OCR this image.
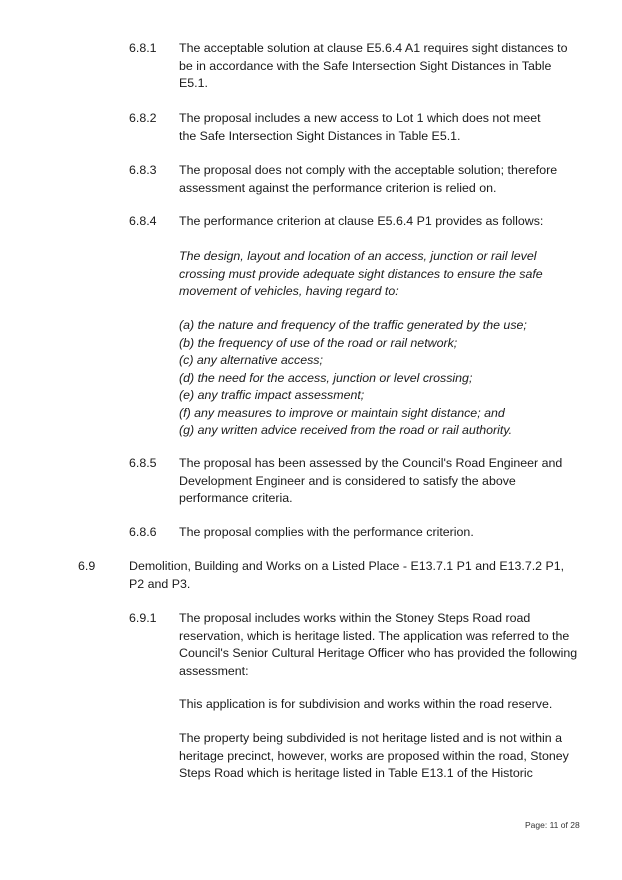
6.8.1 The acceptable solution at clause E5.6.4 A1 requires sight distances to
be in accordance with the Safe Intersection Sight Distances in Table
E5.1.
6.8.2 The proposal includes a new access to Lot 1 which does not meet
the Safe Intersection Sight Distances in Table E5.1.
6.8.3 The proposal does not comply with the acceptable solution; therefore
assessment against the performance criterion is relied on.
6.8.4 The performance criterion at clause E5.6.4 P1 provides as follows:
The design, layout and location of an access, junction or rail level
crossing must provide adequate sight distances to ensure the safe
movement of vehicles, having regard to:
(a) the nature and frequency of the traffic generated by the use;
(b) the frequency of use of the road or rail network;
(c) any alternative access;
(d) the need for the access, junction or level crossing;
(e) any traffic impact assessment;
(f) any measures to improve or maintain sight distance; and
(g) any written advice received from the road or rail authority.
6.8.5 The proposal has been assessed by the Council's Road Engineer and
Development Engineer and is considered to satisfy the above
performance criteria.
6.8.6 The proposal complies with the performance criterion.
6.9	Demolition, Building and Works on a Listed Place - E13.7.1 P1 and E13.7.2 P1,
P2 and P3.
6.9.1 The proposal includes works within the Stoney Steps Road road
reservation, which is heritage listed. The application was referred to the
Council's Senior Cultural Heritage Officer who has provided the following
assessment:
This application is for subdivision and works within the road reserve.
The property being subdivided is not heritage listed and is not within a
heritage precinct, however, works are proposed within the road, Stoney
Steps Road which is heritage listed in Table E13.1 of the Historic
Page: 11 of 28
